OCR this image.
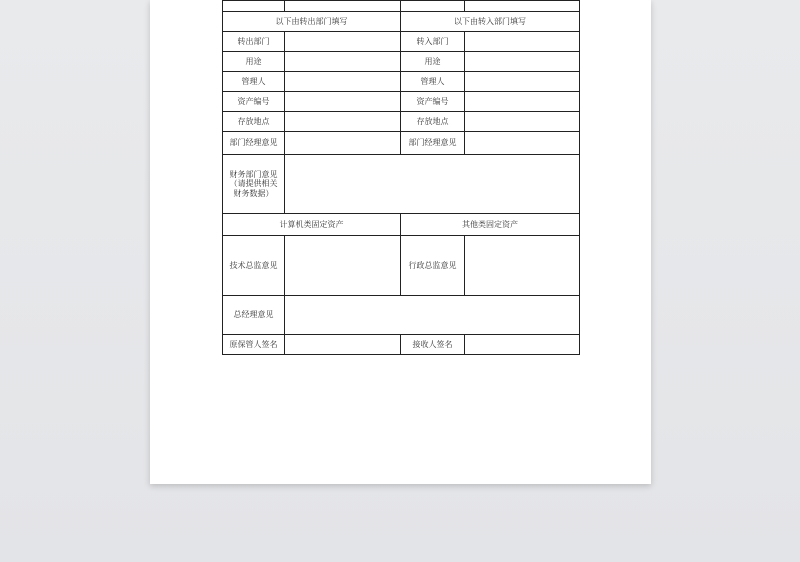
以下由转出部门填写		以下由转入部门填写	
转出部门		转入部门	
用途		用途	
管理人		管理人	
资产编号		资产编号	
存放地点		存放地点	
部门经理意见		部门经理意见	

财务部门意见
（请提供相关
财务数据）			

计算机类固定资产		其他类固定资产	
技术总监意见		行政总监意见	
总经理意见			
原保管人签名		接收人签名	
